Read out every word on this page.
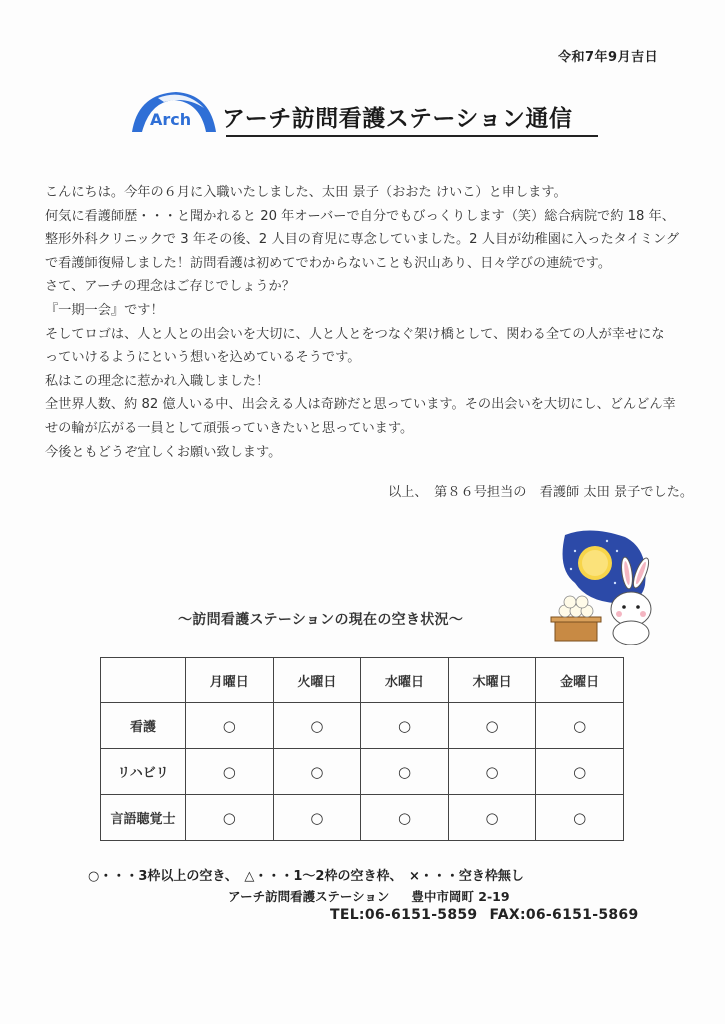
令和7年9月吉日
Arch アーチ訪問看護ステーション通信

こんにちは。今年の６月に入職いたしました、太田 景子（おおた けいこ）と申します。

何気に看護師歴・・・と聞かれると 20 年オーバーで自分でもびっくりします（笑）総合病院で約 18 年、

整形外科クリニックで 3 年その後、2 人目の育児に専念していました。2 人目が幼稚園に入ったタイミング

で看護師復帰しました！訪問看護は初めてでわからないことも沢山あり、日々学びの連続です。

さて、アーチの理念はご存じでしょうか？

『一期一会』です！

そしてロゴは、人と人との出会いを大切に、人と人とをつなぐ架け橋として、関わる全ての人が幸せにな

っていけるようにという想いを込めているそうです。

私はこの理念に惹かれ入職しました！

全世界人数、約 82 億人いる中、出会える人は奇跡だと思っています。その出会いを大切にし、どんどん幸

せの輪が広がる一員として頑張っていきたいと思っています。

今後ともどうぞ宜しくお願い致します。

以上、　第８６号担当の　看護師 太田 景子でした。
～訪問看護ステーションの現在の空き状況～
	月曜日	火曜日	水曜日	木曜日	金曜日
看護	○	○	○	○	○
リハビリ	○	○	○	○	○
言語聴覚士	○	○	○	○	○
○・・・3枠以上の空き、　△・・・1～2枠の空き枠、　×・・・空き枠無し
アーチ訪問看護ステーション 豊中市岡町 2-19
TEL:06-6151-5859 FAX:06-6151-5869
